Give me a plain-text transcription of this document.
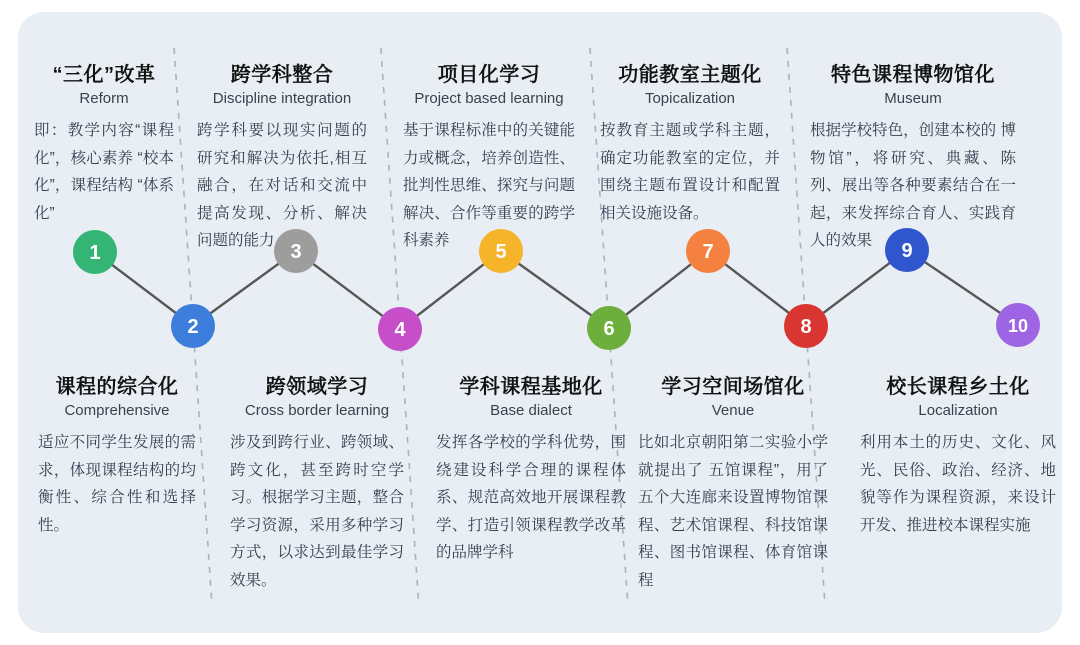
1
2
3
4
5
6
7
8
9
10
“三化”改革
Reform
即：教学内容“课程化”，核心素养 “校本化”，课程结构 “体系化”
跨学科整合
Discipline integration
跨学科要以现实问题的研究和解决为依托,相互融合，在对话和交流中提高发现、分析、解决问题的能力
项目化学习
Project based learning
基于课程标准中的关键能力或概念，培养创造性、批判性思维、探究与问题解决、合作等重要的跨学科素养
功能教室主题化
Topicalization
按教育主题或学科主题，确定功能教室的定位，并围绕主题布置设计和配置相关设施设备。
特色课程博物馆化
Museum
根据学校特色，创建本校的 博物馆”，将研究、典藏、陈列、展出等各种要素结合在一起，来发挥综合育人、实践育人的效果
课程的综合化
Comprehensive
适应不同学生发展的需求，体现课程结构的均衡性、综合性和选择性。
跨领域学习
Cross border learning
涉及到跨行业、跨领域、跨文化，甚至跨时空学习。根据学习主题，整合学习资源，采用多种学习方式，以求达到最佳学习效果。
学科课程基地化
Base dialect
发挥各学校的学科优势，围绕建设科学合理的课程体系、规范高效地开展课程教学、打造引领课程教学改革的品牌学科
学习空间场馆化
Venue
比如北京朝阳第二实验小学就提出了 五馆课程”，用了五个大连廊来设置博物馆课程、艺术馆课程、科技馆课程、图书馆课程、体育馆课程
校长课程乡土化
Localization
利用本土的历史、文化、风光、民俗、政治、经济、地貌等作为课程资源，来设计开发、推进校本课程实施
